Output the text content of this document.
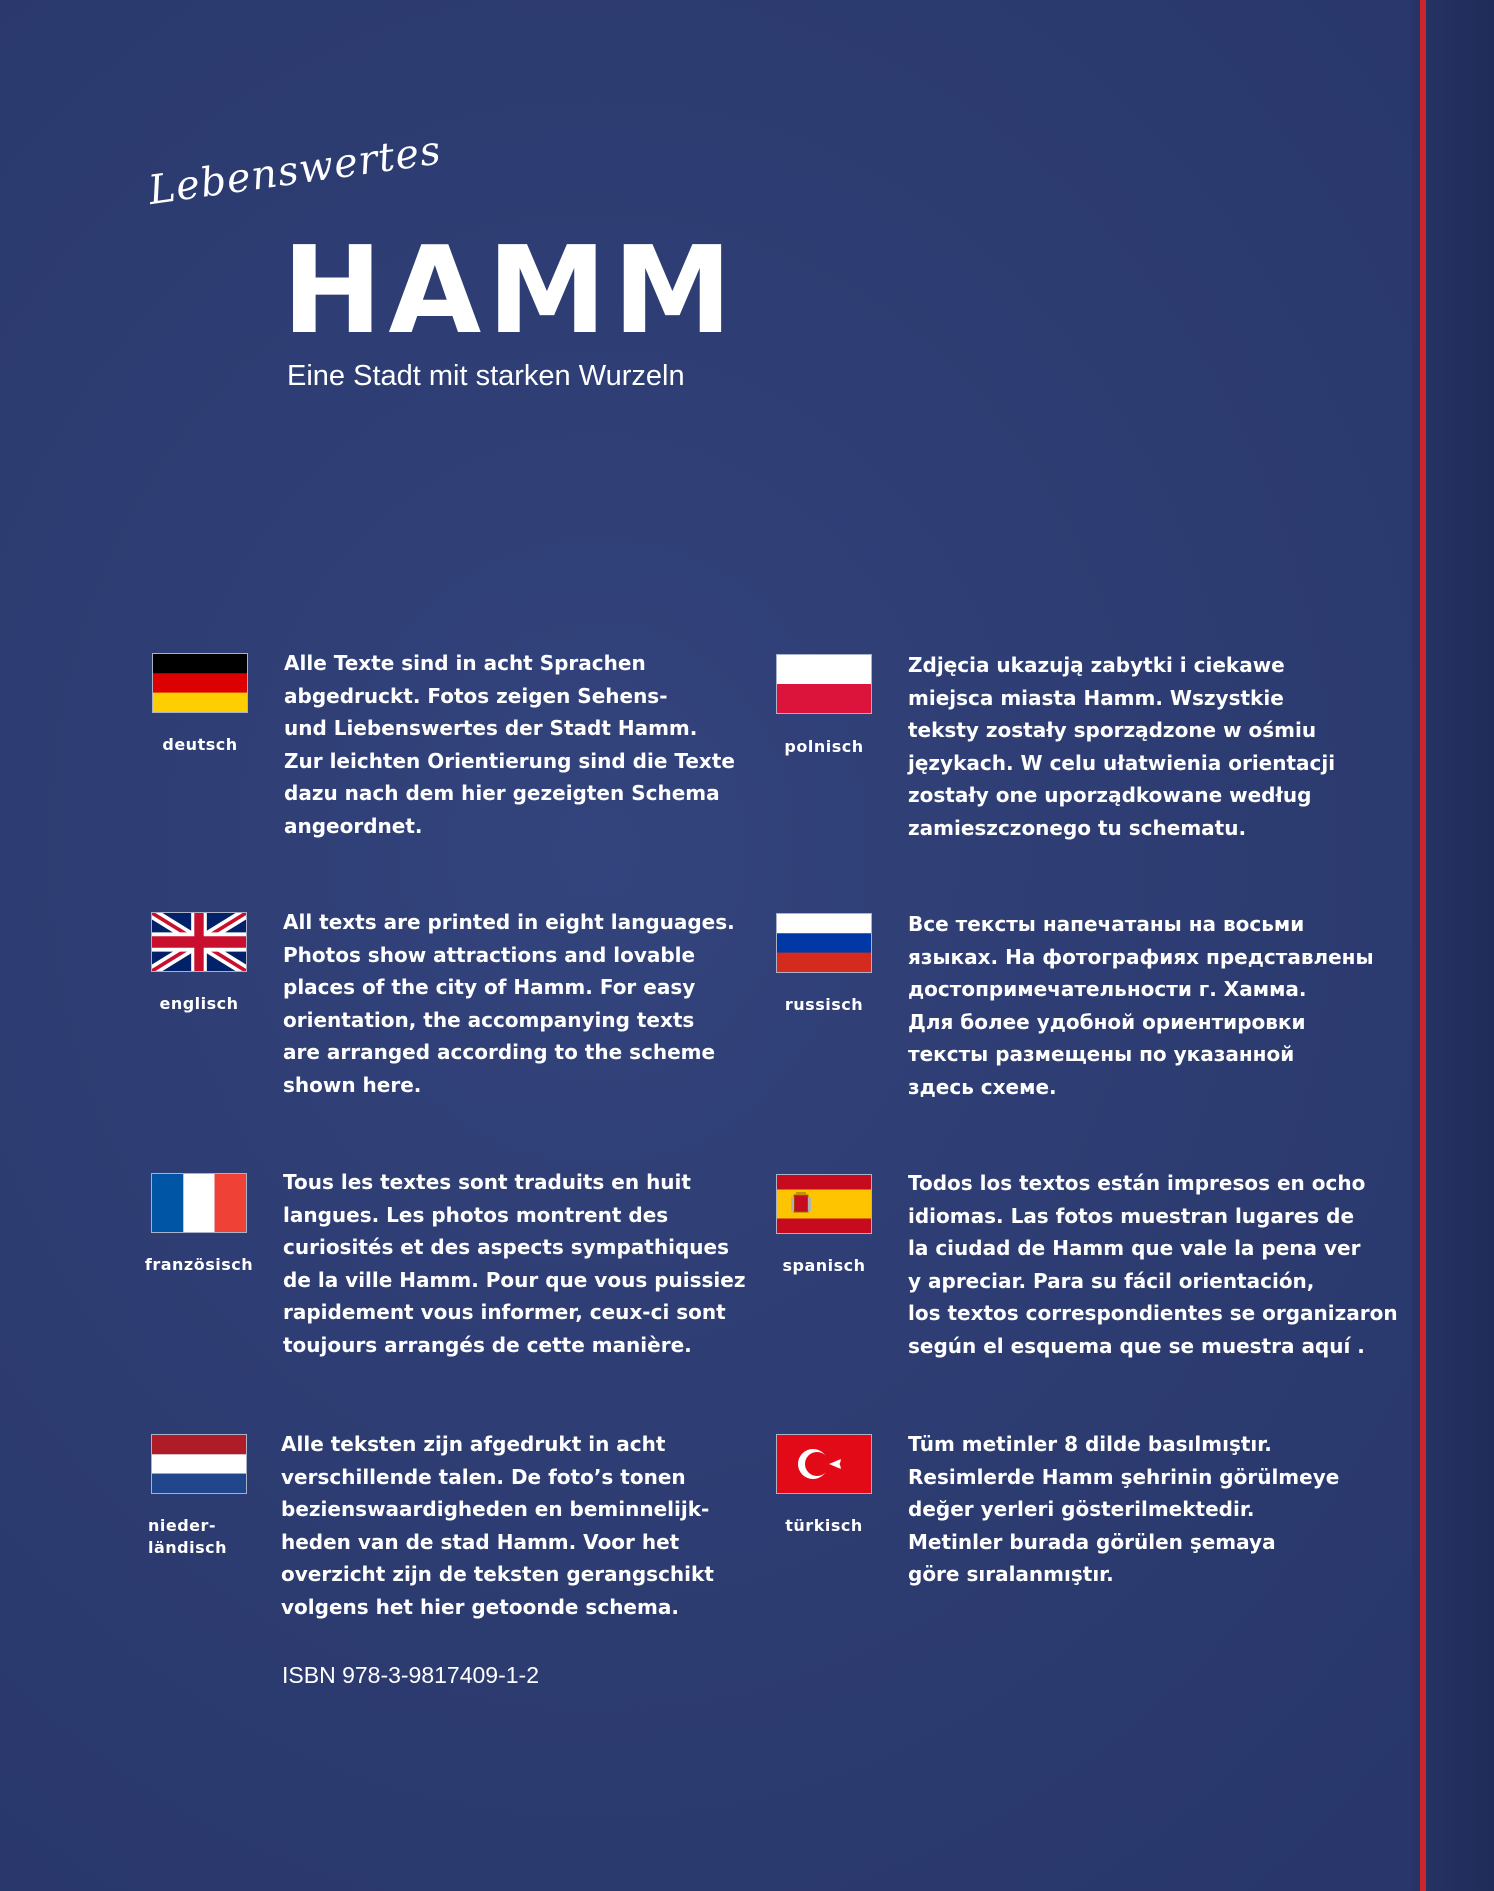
Lebenswertes
HAMM
Eine Stadt mit starken Wurzeln
deutsch
Alle Texte sind in acht Sprachen
abgedruckt. Fotos zeigen Sehens-
und Liebenswertes der Stadt Hamm.
Zur leichten Orientierung sind die Texte
dazu nach dem hier gezeigten Schema
angeordnet.
polnisch
Zdjęcia ukazują zabytki i ciekawe
miejsca miasta Hamm. Wszystkie
teksty zostały sporządzone w ośmiu
językach. W celu ułatwienia orientacji
zostały one uporządkowane według
zamieszczonego tu schematu.
englisch
All texts are printed in eight languages.
Photos show attractions and lovable
places of the city of Hamm. For easy
orientation, the accompanying texts
are arranged according to the scheme
shown here.
russisch
Все тексты напечатаны на восьми
языках. На фотографиях представлены
достопримечательности г. Хамма.
Для более удобной ориентировки
тексты размещены по указанной
здесь схеме.
französisch
Tous les textes sont traduits en huit
langues. Les photos montrent des
curiosités et des aspects sympathiques
de la ville Hamm. Pour que vous puissiez
rapidement vous informer, ceux-ci sont
toujours arrangés de cette manière.
spanisch
Todos los textos están impresos en ocho
idiomas. Las fotos muestran lugares de
la ciudad de Hamm que vale la pena ver
y apreciar. Para su fácil orientación,
los textos correspondientes se organizaron
según el esquema que se muestra aquí .
nieder-
ländisch
Alle teksten zijn afgedrukt in acht
verschillende talen. De foto’s tonen
bezienswaardigheden en beminnelijk-
heden van de stad Hamm. Voor het
overzicht zijn de teksten gerangschikt
volgens het hier getoonde schema.
türkisch
Tüm metinler 8 dilde basılmıştır.
Resimlerde Hamm şehrinin görülmeye
değer yerleri gösterilmektedir.
Metinler burada görülen şemaya
göre sıralanmıştır.
ISBN 978-3-9817409-1-2
